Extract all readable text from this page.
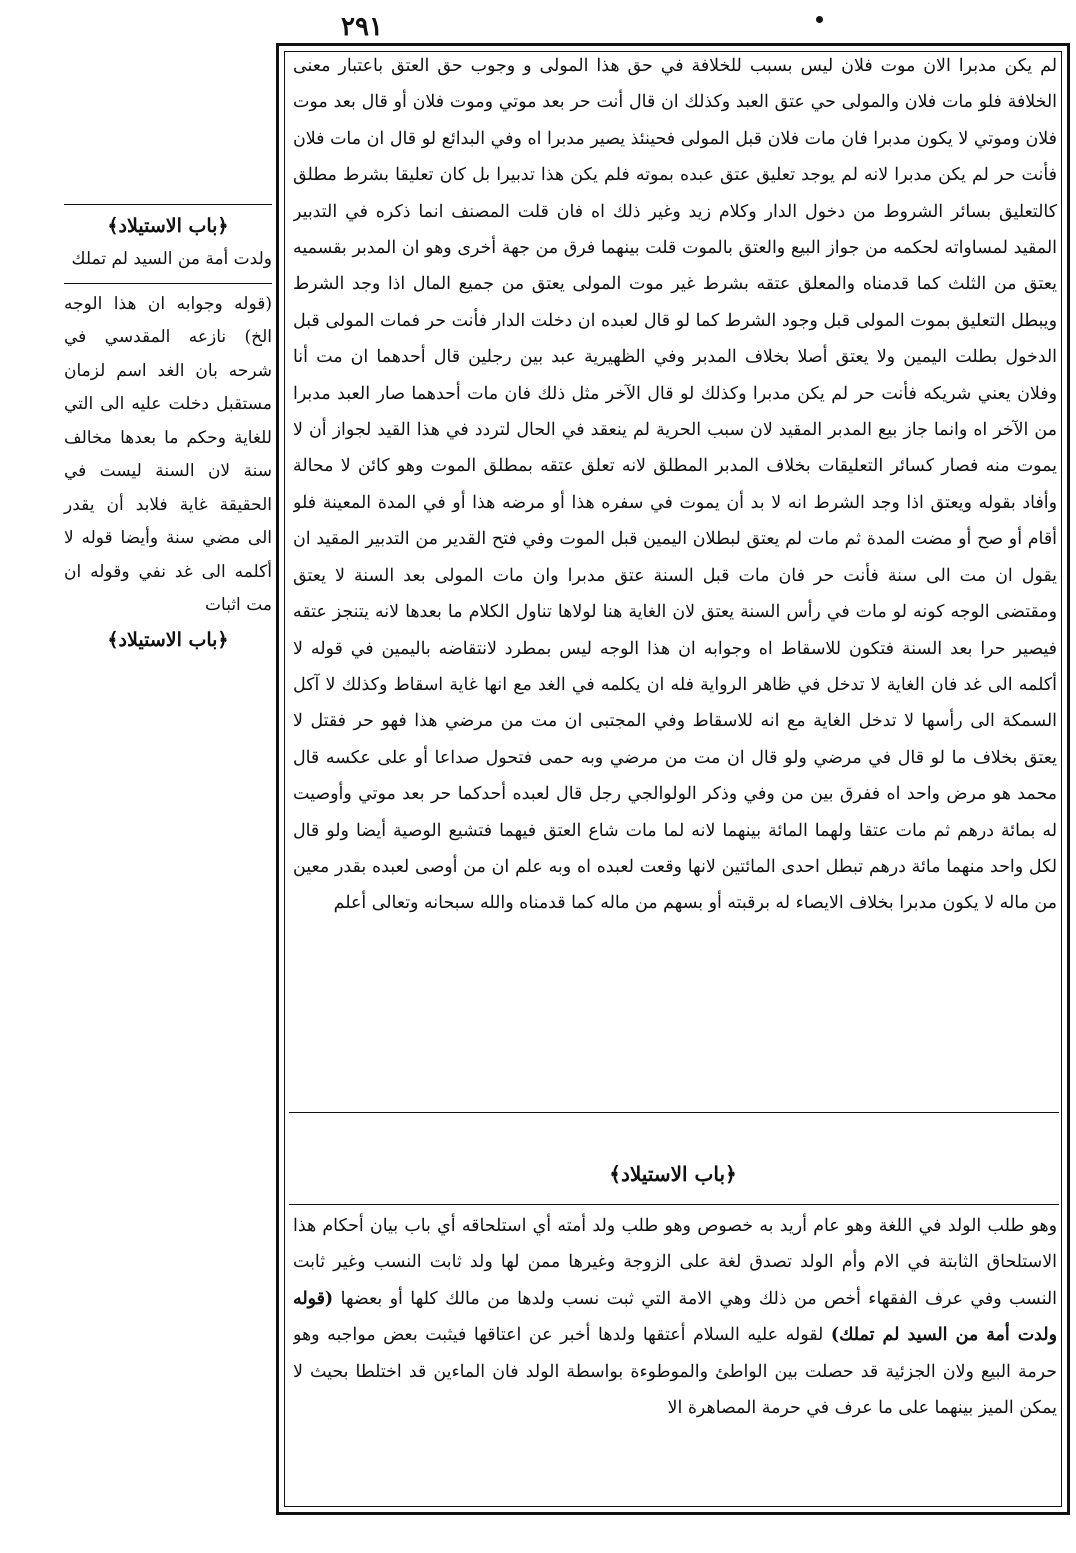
٢٩١
﴿باب الاستيلاد﴾
ولدت أمة من السيد لم تملك
(قوله وجوابه ان هذا الوجه الخ) نازعه المقدسي في شرحه بان الغد اسم لزمان مستقبل دخلت عليه الى التي للغاية وحكم ما بعدها مخالف سنة لان السنة ليست في الحقيقة غاية فلابد أن يقدر الى مضي سنة وأيضا قوله لا أكلمه الى غد نفي وقوله ان مت اثبات
﴿باب الاستيلاد﴾

لم يكن مدبرا الان موت فلان ليس بسبب للخلافة في حق هذا المولى و وجوب حق العتق باعتبار معنى الخلافة فلو مات فلان والمولى حي عتق العبد وكذلك ان قال أنت حر بعد موتي وموت فلان أو قال بعد موت فلان وموتي لا يكون مدبرا فان مات فلان قبل المولى فحينئذ يصير مدبرا اه وفي البدائع لو قال ان مات فلان فأنت حر لم يكن مدبرا لانه لم يوجد تعليق عتق عبده بموته فلم يكن هذا تدبيرا بل كان تعليقا بشرط مطلق كالتعليق بسائر الشروط من دخول الدار وكلام زيد وغير ذلك اه فان قلت المصنف انما ذكره في التدبير المقيد لمساواته لحكمه من جواز البيع والعتق بالموت قلت بينهما فرق من جهة أخرى وهو ان المدبر بقسميه يعتق من الثلث كما قدمناه والمعلق عتقه بشرط غير موت المولى يعتق من جميع المال اذا وجد الشرط ويبطل التعليق بموت المولى قبل وجود الشرط كما لو قال لعبده ان دخلت الدار فأنت حر فمات المولى قبل الدخول بطلت اليمين ولا يعتق أصلا بخلاف المدبر وفي الظهيرية عبد بين رجلين قال أحدهما ان مت أنا وفلان يعني شريكه فأنت حر لم يكن مدبرا وكذلك لو قال الآخر مثل ذلك فان مات أحدهما صار العبد مدبرا من الآخر اه وانما جاز بيع المدبر المقيد لان سبب الحرية لم ينعقد في الحال لتردد في هذا القيد لجواز أن لا يموت منه فصار كسائر التعليقات بخلاف المدبر المطلق لانه تعلق عتقه بمطلق الموت وهو كائن لا محالة وأفاد بقوله ويعتق اذا وجد الشرط انه لا بد أن يموت في سفره هذا أو مرضه هذا أو في المدة المعينة فلو أقام أو صح أو مضت المدة ثم مات لم يعتق لبطلان اليمين قبل الموت وفي فتح القدير من التدبير المقيد ان يقول ان مت الى سنة فأنت حر فان مات قبل السنة عتق مدبرا وان مات المولى بعد السنة لا يعتق ومقتضى الوجه كونه لو مات في رأس السنة يعتق لان الغاية هنا لولاها تناول الكلام ما بعدها لانه يتنجز عتقه فيصير حرا بعد السنة فتكون للاسقاط اه وجوابه ان هذا الوجه ليس بمطرد لانتقاضه باليمين في قوله لا أكلمه الى غد فان الغاية لا تدخل في ظاهر الرواية فله ان يكلمه في الغد مع انها غاية اسقاط وكذلك لا آكل السمكة الى رأسها لا تدخل الغاية مع انه للاسقاط وفي المجتبى ان مت من مرضي هذا فهو حر فقتل لا يعتق بخلاف ما لو قال في مرضي ولو قال ان مت من مرضي وبه حمى فتحول صداعا أو على عكسه قال محمد هو مرض واحد اه ففرق بين من وفي وذكر الولوالجي رجل قال لعبده أحدكما حر بعد موتي وأوصيت له بمائة درهم ثم مات عتقا ولهما المائة بينهما لانه لما مات شاع العتق فيهما فتشيع الوصية أيضا ولو قال لكل واحد منهما مائة درهم تبطل احدى المائتين لانها وقعت لعبده اه وبه علم ان من أوصى لعبده بقدر معين من ماله لا يكون مدبرا بخلاف الايصاء له برقبته أو بسهم من ماله كما قدمناه والله سبحانه وتعالى أعلم

﴿باب الاستيلاد﴾

وهو طلب الولد في اللغة وهو عام أريد به خصوص وهو طلب ولد أمته أي استلحاقه أي باب بيان أحكام هذا الاستلحاق الثابتة في الام وأم الولد تصدق لغة على الزوجة وغيرها ممن لها ولد ثابت النسب وغير ثابت النسب وفي عرف الفقهاء أخص من ذلك وهي الامة التي ثبت نسب ولدها من مالك كلها أو بعضها (قوله ولدت أمة من السيد لم تملك) لقوله عليه السلام أعتقها ولدها أخبر عن اعتاقها فيثبت بعض مواجبه وهو حرمة البيع ولان الجزئية قد حصلت بين الواطئ والموطوءة بواسطة الولد فان الماءين قد اختلطا بحيث لا يمكن الميز بينهما على ما عرف في حرمة المصاهرة الا
